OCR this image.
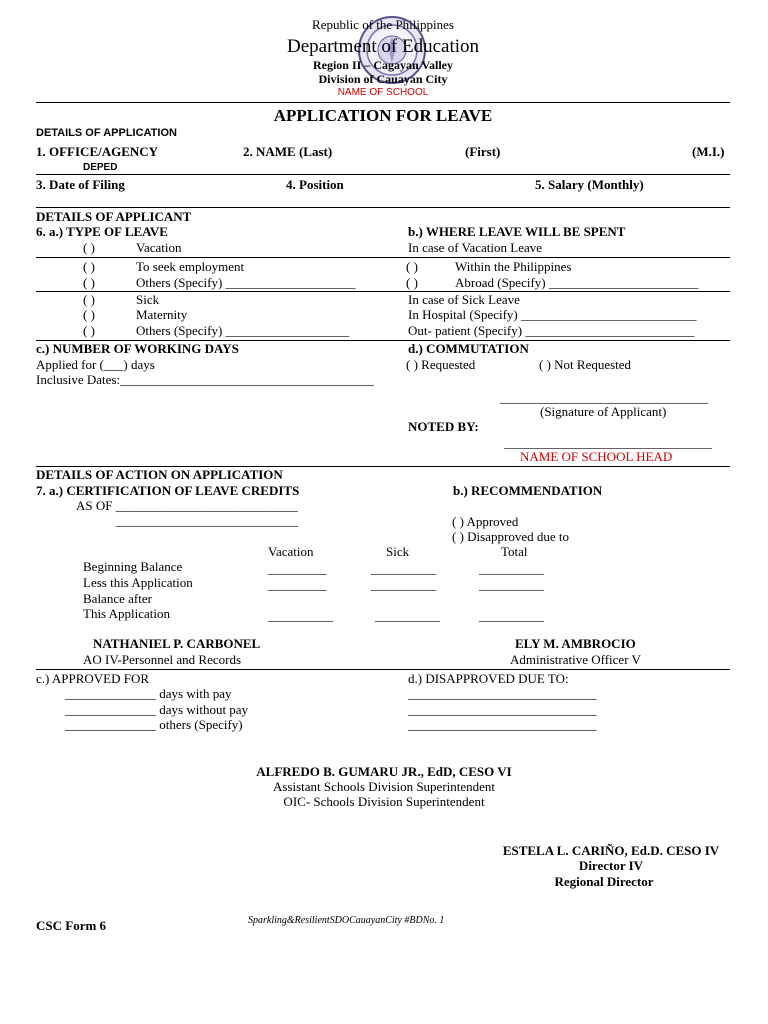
Republic of the Philippines
Department of Education
Region II – Cagayan Valley
Division of Cauayan City
NAME OF SCHOOL
APPLICATION FOR LEAVE
DETAILS OF APPLICATION
1. OFFICE/AGENCY	2. NAME (Last)	(First)	(M.I.)
DEPED
3. Date of Filing	4. Position	5. Salary (Monthly)
DETAILS OF APPLICANT
6. a.) TYPE OF LEAVE	b.) WHERE LEAVE WILL BE SPENT
( )	Vacation	In case of Vacation Leave
( )	To seek employment	( )	Within the Philippines
( )	Others (Specify) ____________________	( )	Abroad (Specify) _______________________
( )	Sick	In case of Sick Leave
( )	Maternity	In Hospital (Specify) ___________________________
( )	Others (Specify) ___________________	Out- patient (Specify) __________________________
c.) NUMBER OF WORKING DAYS	d.) COMMUTATION
Applied for (___) days	( ) Requested	( ) Not Requested
Inclusive Dates:_______________________________________
________________________________
(Signature of Applicant)
NOTED BY:
________________________________
NAME OF SCHOOL HEAD
DETAILS OF ACTION ON APPLICATION
7. a.) CERTIFICATION OF LEAVE CREDITS	b.) RECOMMENDATION
AS OF ____________________________
____________________________	( ) Approved
( ) Disapproved due to
Vacation	Sick	Total
Beginning Balance	_________	__________	__________
Less this Application	_________	__________	__________
Balance after
This Application	__________	__________	__________
NATHANIEL P. CARBONEL
AO IV-Personnel and Records
ELY M. AMBROCIO
Administrative Officer V
c.) APPROVED FOR	d.) DISAPPROVED DUE TO:
______________ days with pay	_____________________________
______________ days without pay	_____________________________
______________ others (Specify)	_____________________________
ALFREDO B. GUMARU JR., EdD, CESO VI
Assistant Schools Division Superintendent
OIC- Schools Division Superintendent
ESTELA L. CARIÑO, Ed.D. CESO IV
Director IV
Regional Director
CSC Form 6	Sparkling&ResilientSDOCauayanCity #BDNo. 1
